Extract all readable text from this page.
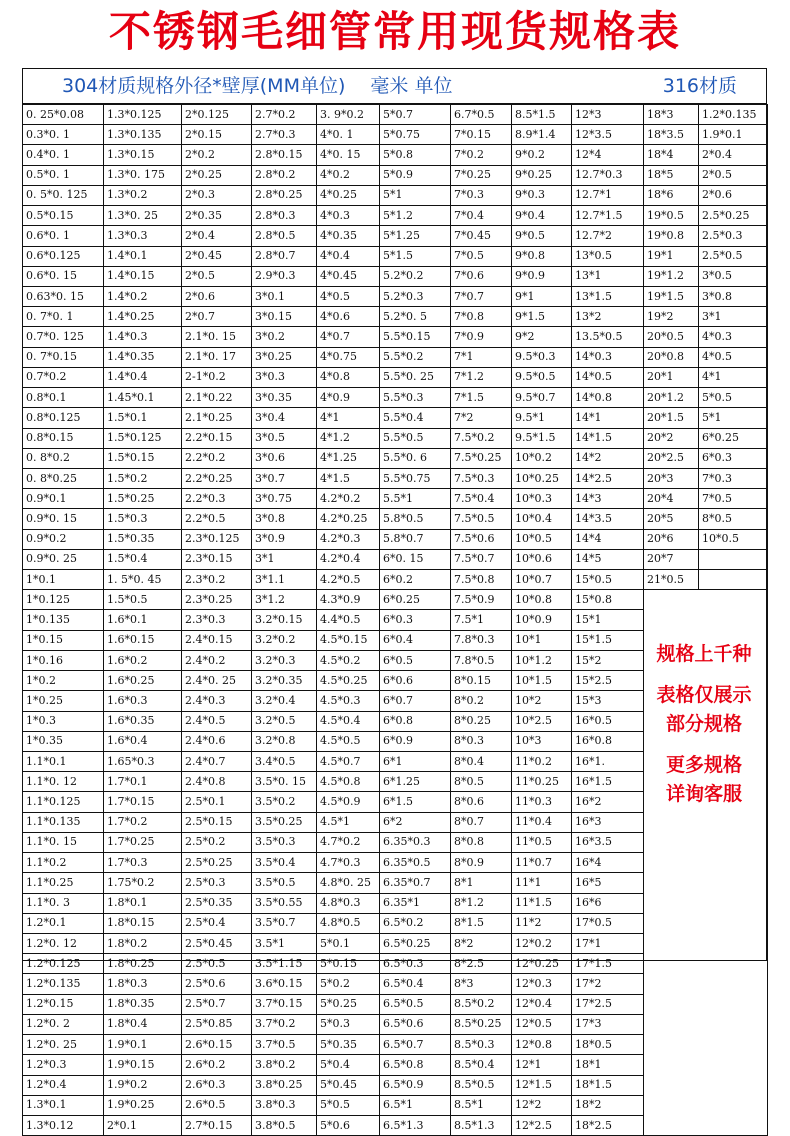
不锈钢毛细管常用现货规格表
304材质规格外径*壁厚(MM单位)　 毫米 单位	316材质
0. 25*0.08	1.3*0.125	2*0.125	2.7*0.2	3. 9*0.2	5*0.7	6.7*0.5	8.5*1.5	12*3	18*3	1.2*0.135
0.3*0. 1	1.3*0.135	2*0.15	2.7*0.3	4*0. 1	5*0.75	7*0.15	8.9*1.4	12*3.5	18*3.5	1.9*0.1
0.4*0. 1	1.3*0.15	2*0.2	2.8*0.15	4*0. 15	5*0.8	7*0.2	9*0.2	12*4	18*4	2*0.4
0.5*0. 1	1.3*0. 175	2*0.25	2.8*0.2	4*0.2	5*0.9	7*0.25	9*0.25	12.7*0.3	18*5	2*0.5
0. 5*0. 125	1.3*0.2	2*0.3	2.8*0.25	4*0.25	5*1	7*0.3	9*0.3	12.7*1	18*6	2*0.6
0.5*0.15	1.3*0. 25	2*0.35	2.8*0.3	4*0.3	5*1.2	7*0.4	9*0.4	12.7*1.5	19*0.5	2.5*0.25
0.6*0. 1	1.3*0.3	2*0.4	2.8*0.5	4*0.35	5*1.25	7*0.45	9*0.5	12.7*2	19*0.8	2.5*0.3
0.6*0.125	1.4*0.1	2*0.45	2.8*0.7	4*0.4	5*1.5	7*0.5	9*0.8	13*0.5	19*1	2.5*0.5
0.6*0. 15	1.4*0.15	2*0.5	2.9*0.3	4*0.45	5.2*0.2	7*0.6	9*0.9	13*1	19*1.2	3*0.5
0.63*0. 15	1.4*0.2	2*0.6	3*0.1	4*0.5	5.2*0.3	7*0.7	9*1	13*1.5	19*1.5	3*0.8
0. 7*0. 1	1.4*0.25	2*0.7	3*0.15	4*0.6	5.2*0. 5	7*0.8	9*1.5	13*2	19*2	3*1
0.7*0. 125	1.4*0.3	2.1*0. 15	3*0.2	4*0.7	5.5*0.15	7*0.9	9*2	13.5*0.5	20*0.5	4*0.3
0. 7*0.15	1.4*0.35	2.1*0. 17	3*0.25	4*0.75	5.5*0.2	7*1	9.5*0.3	14*0.3	20*0.8	4*0.5
0.7*0.2	1.4*0.4	2-1*0.2	3*0.3	4*0.8	5.5*0. 25	7*1.2	9.5*0.5	14*0.5	20*1	4*1
0.8*0.1	1.45*0.1	2.1*0.22	3*0.35	4*0.9	5.5*0.3	7*1.5	9.5*0.7	14*0.8	20*1.2	5*0.5
0.8*0.125	1.5*0.1	2.1*0.25	3*0.4	4*1	5.5*0.4	7*2	9.5*1	14*1	20*1.5	5*1
0.8*0.15	1.5*0.125	2.2*0.15	3*0.5	4*1.2	5.5*0.5	7.5*0.2	9.5*1.5	14*1.5	20*2	6*0.25
0. 8*0.2	1.5*0.15	2.2*0.2	3*0.6	4*1.25	5.5*0. 6	7.5*0.25	10*0.2	14*2	20*2.5	6*0.3
0. 8*0.25	1.5*0.2	2.2*0.25	3*0.7	4*1.5	5.5*0.75	7.5*0.3	10*0.25	14*2.5	20*3	7*0.3
0.9*0.1	1.5*0.25	2.2*0.3	3*0.75	4.2*0.2	5.5*1	7.5*0.4	10*0.3	14*3	20*4	7*0.5
0.9*0. 15	1.5*0.3	2.2*0.5	3*0.8	4.2*0.25	5.8*0.5	7.5*0.5	10*0.4	14*3.5	20*5	8*0.5
0.9*0.2	1.5*0.35	2.3*0.125	3*0.9	4.2*0.3	5.8*0.7	7.5*0.6	10*0.5	14*4	20*6	10*0.5
0.9*0. 25	1.5*0.4	2.3*0.15	3*1	4.2*0.4	6*0. 15	7.5*0.7	10*0.6	14*5	20*7	
1*0.1	1. 5*0. 45	2.3*0.2	3*1.1	4.2*0.5	6*0.2	7.5*0.8	10*0.7	15*0.5	21*0.5	
1*0.125	1.5*0.5	2.3*0.25	3*1.2	4.3*0.9	6*0.25	7.5*0.9	10*0.8	15*0.8		
1*0.135	1.6*0.1	2.3*0.3	3.2*0.15	4.4*0.5	6*0.3	7.5*1	10*0.9	15*1		
1*0.15	1.6*0.15	2.4*0.15	3.2*0.2	4.5*0.15	6*0.4	7.8*0.3	10*1	15*1.5		
1*0.16	1.6*0.2	2.4*0.2	3.2*0.3	4.5*0.2	6*0.5	7.8*0.5	10*1.2	15*2		
1*0.2	1.6*0.25	2.4*0. 25	3.2*0.35	4.5*0.25	6*0.6	8*0.15	10*1.5	15*2.5		
1*0.25	1.6*0.3	2.4*0.3	3.2*0.4	4.5*0.3	6*0.7	8*0.2	10*2	15*3		
1*0.3	1.6*0.35	2.4*0.5	3.2*0.5	4.5*0.4	6*0.8	8*0.25	10*2.5	16*0.5		
1*0.35	1.6*0.4	2.4*0.6	3.2*0.8	4.5*0.5	6*0.9	8*0.3	10*3	16*0.8		
1.1*0.1	1.65*0.3	2.4*0.7	3.4*0.5	4.5*0.7	6*1	8*0.4	11*0.2	16*1.		
1.1*0. 12	1.7*0.1	2.4*0.8	3.5*0. 15	4.5*0.8	6*1.25	8*0.5	11*0.25	16*1.5		
1.1*0.125	1.7*0.15	2.5*0.1	3.5*0.2	4.5*0.9	6*1.5	8*0.6	11*0.3	16*2		
1.1*0.135	1.7*0.2	2.5*0.15	3.5*0.25	4.5*1	6*2	8*0.7	11*0.4	16*3		
1.1*0. 15	1.7*0.25	2.5*0.2	3.5*0.3	4.7*0.2	6.35*0.3	8*0.8	11*0.5	16*3.5		
1.1*0.2	1.7*0.3	2.5*0.25	3.5*0.4	4.7*0.3	6.35*0.5	8*0.9	11*0.7	16*4		
1.1*0.25	1.75*0.2	2.5*0.3	3.5*0.5	4.8*0. 25	6.35*0.7	8*1	11*1	16*5		
1.1*0. 3	1.8*0.1	2.5*0.35	3.5*0.55	4.8*0.3	6.35*1	8*1.2	11*1.5	16*6		
1.2*0.1	1.8*0.15	2.5*0.4	3.5*0.7	4.8*0.5	6.5*0.2	8*1.5	11*2	17*0.5		
1.2*0. 12	1.8*0.2	2.5*0.45	3.5*1	5*0.1	6.5*0.25	8*2	12*0.2	17*1		
1.2*0.125	1.8*0.25	2.5*0.5	3.5*1.15	5*0.15	6.5*0.3	8*2.5	12*0.25	17*1.5		
1.2*0.135	1.8*0.3	2.5*0.6	3.6*0.15	5*0.2	6.5*0.4	8*3	12*0.3	17*2		
1.2*0.15	1.8*0.35	2.5*0.7	3.7*0.15	5*0.25	6.5*0.5	8.5*0.2	12*0.4	17*2.5		
1.2*0. 2	1.8*0.4	2.5*0.85	3.7*0.2	5*0.3	6.5*0.6	8.5*0.25	12*0.5	17*3		
1.2*0. 25	1.9*0.1	2.6*0.15	3.7*0.5	5*0.35	6.5*0.7	8.5*0.3	12*0.8	18*0.5		
1.2*0.3	1.9*0.15	2.6*0.2	3.8*0.2	5*0.4	6.5*0.8	8.5*0.4	12*1	18*1		
1.2*0.4	1.9*0.2	2.6*0.3	3.8*0.25	5*0.45	6.5*0.9	8.5*0.5	12*1.5	18*1.5		
1.3*0.1	1.9*0.25	2.6*0.5	3.8*0.3	5*0.5	6.5*1	8.5*1	12*2	18*2		
1.3*0.12	2*0.1	2.7*0.15	3.8*0.5	5*0.6	6.5*1.3	8.5*1.3	12*2.5	18*2.5		
规格上千种
表格仅展示
部分规格
更多规格
详询客服
